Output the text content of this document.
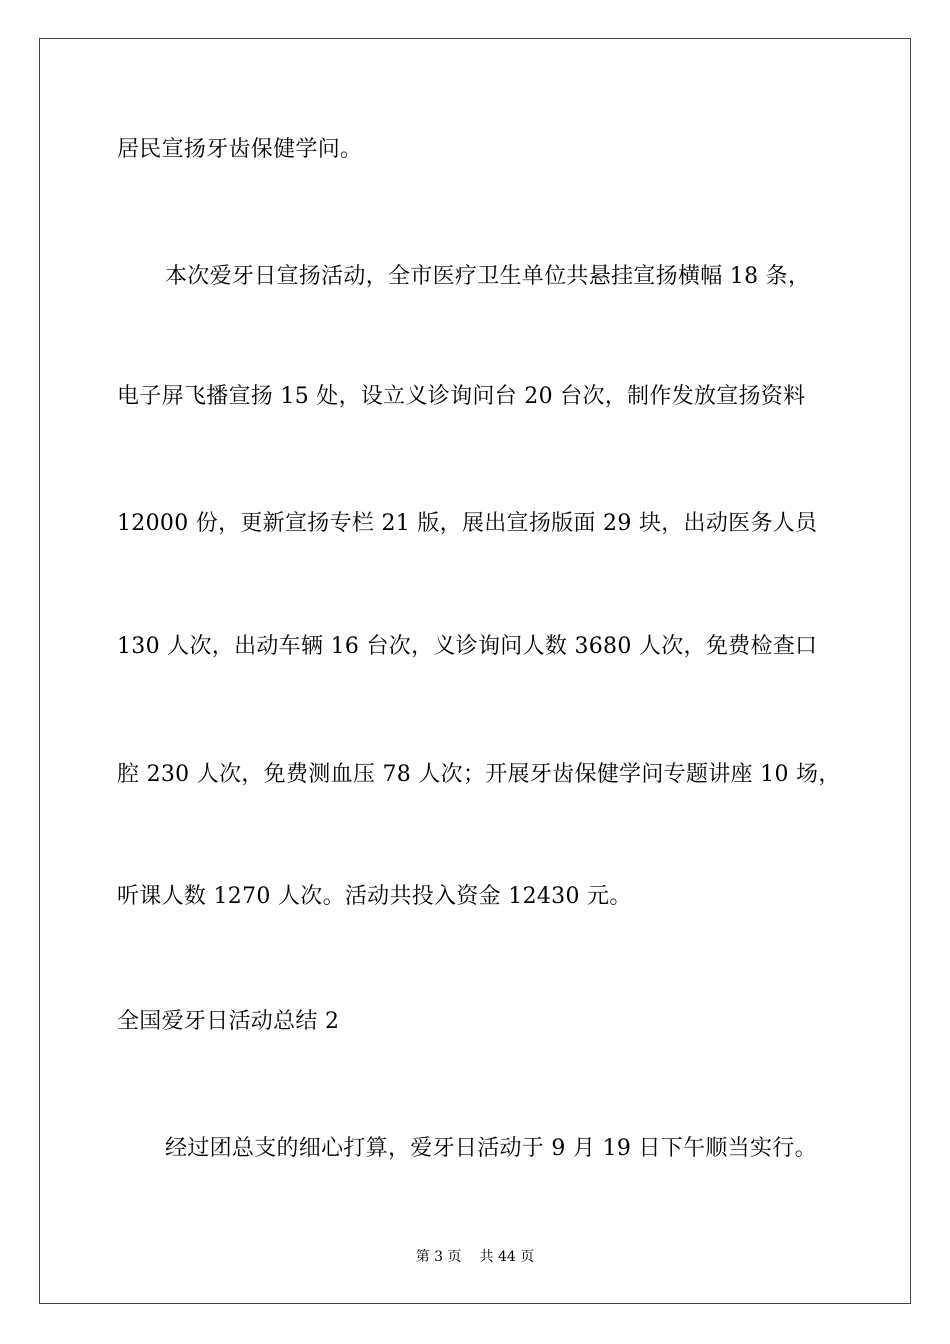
居民宣扬牙齿保健学问。
本次爱牙日宣扬活动，全市医疗卫生单位共悬挂宣扬横幅 18 条，
电子屏飞播宣扬 15 处，设立义诊询问台 20 台次，制作发放宣扬资料
12000 份，更新宣扬专栏 21 版，展出宣扬版面 29 块，出动医务人员
130 人次，出动车辆 16 台次，义诊询问人数 3680 人次，免费检查口
腔 230 人次，免费测血压 78 人次；开展牙齿保健学问专题讲座 10 场，
听课人数 1270 人次。活动共投入资金 12430 元。
全国爱牙日活动总结 2
经过团总支的细心打算，爱牙日活动于 9 月 19 日下午顺当实行。
第 3 页 共 44 页
